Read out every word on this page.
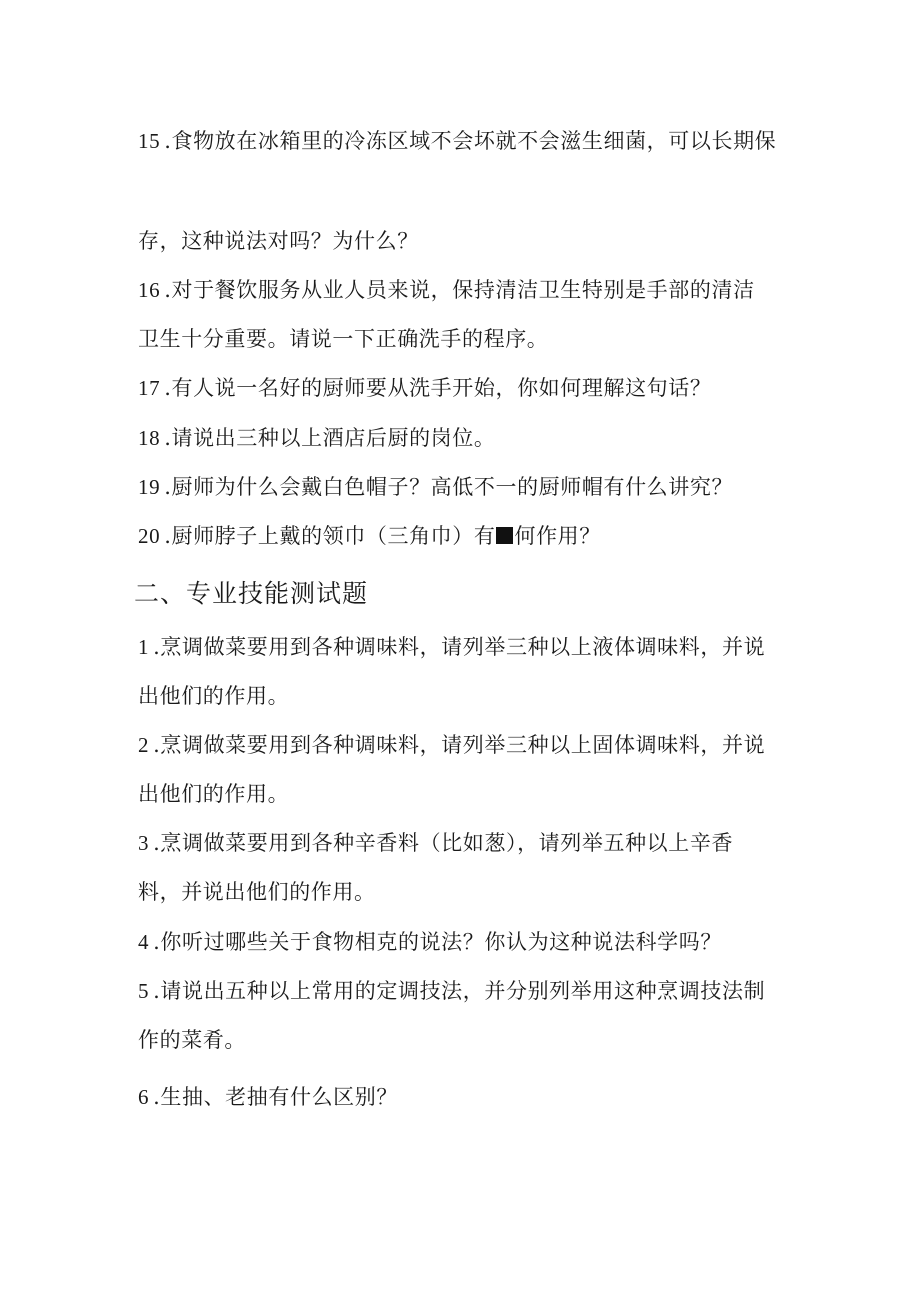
15 .食物放在冰箱里的冷冻区域不会坏就不会滋生细菌，可以长期保
存，这种说法对吗？为什么？
16 .对于餐饮服务从业人员来说，保持清洁卫生特别是手部的清洁
卫生十分重要。请说一下正确洗手的程序。
17 .有人说一名好的厨师要从洗手开始，你如何理解这句话？
18 .请说出三种以上酒店后厨的岗位。
19 .厨师为什么会戴白色帽子？高低不一的厨师帽有什么讲究？
20 .厨师脖子上戴的领巾（三角巾）有 何作用？
二、专业技能测试题
1 .烹调做菜要用到各种调味料，请列举三种以上液体调味料，并说
出他们的作用。
2 .烹调做菜要用到各种调味料，请列举三种以上固体调味料，并说
出他们的作用。
3 .烹调做菜要用到各种辛香料（比如葱），请列举五种以上辛香
料，并说出他们的作用。
4 .你听过哪些关于食物相克的说法？你认为这种说法科学吗？
5 .请说出五种以上常用的定调技法，并分别列举用这种烹调技法制
作的菜肴。
6 .生抽、老抽有什么区别？
